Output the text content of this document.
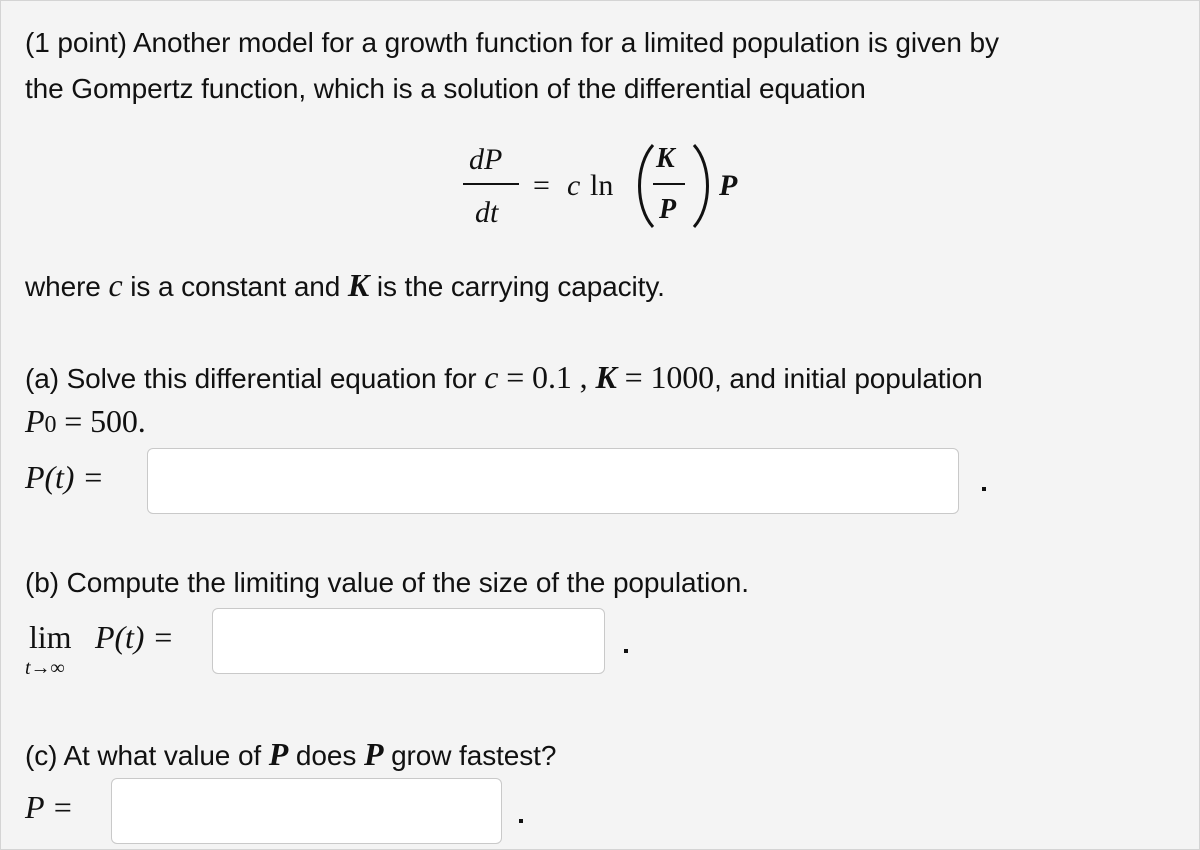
(1 point) Another model for a growth function for a limited population is given by
the Gompertz function, which is a solution of the differential equation
dP
dt
= c ln
K
P
P
where c is a constant and K is the carrying capacity.
(a) Solve this differential equation for c = 0.1 , K = 1000, and initial population
P0 = 500.
P(t) =
(b) Compute the limiting value of the size of the population.
lim P(t) =
t→∞
(c) At what value of P does P grow fastest?
P =
